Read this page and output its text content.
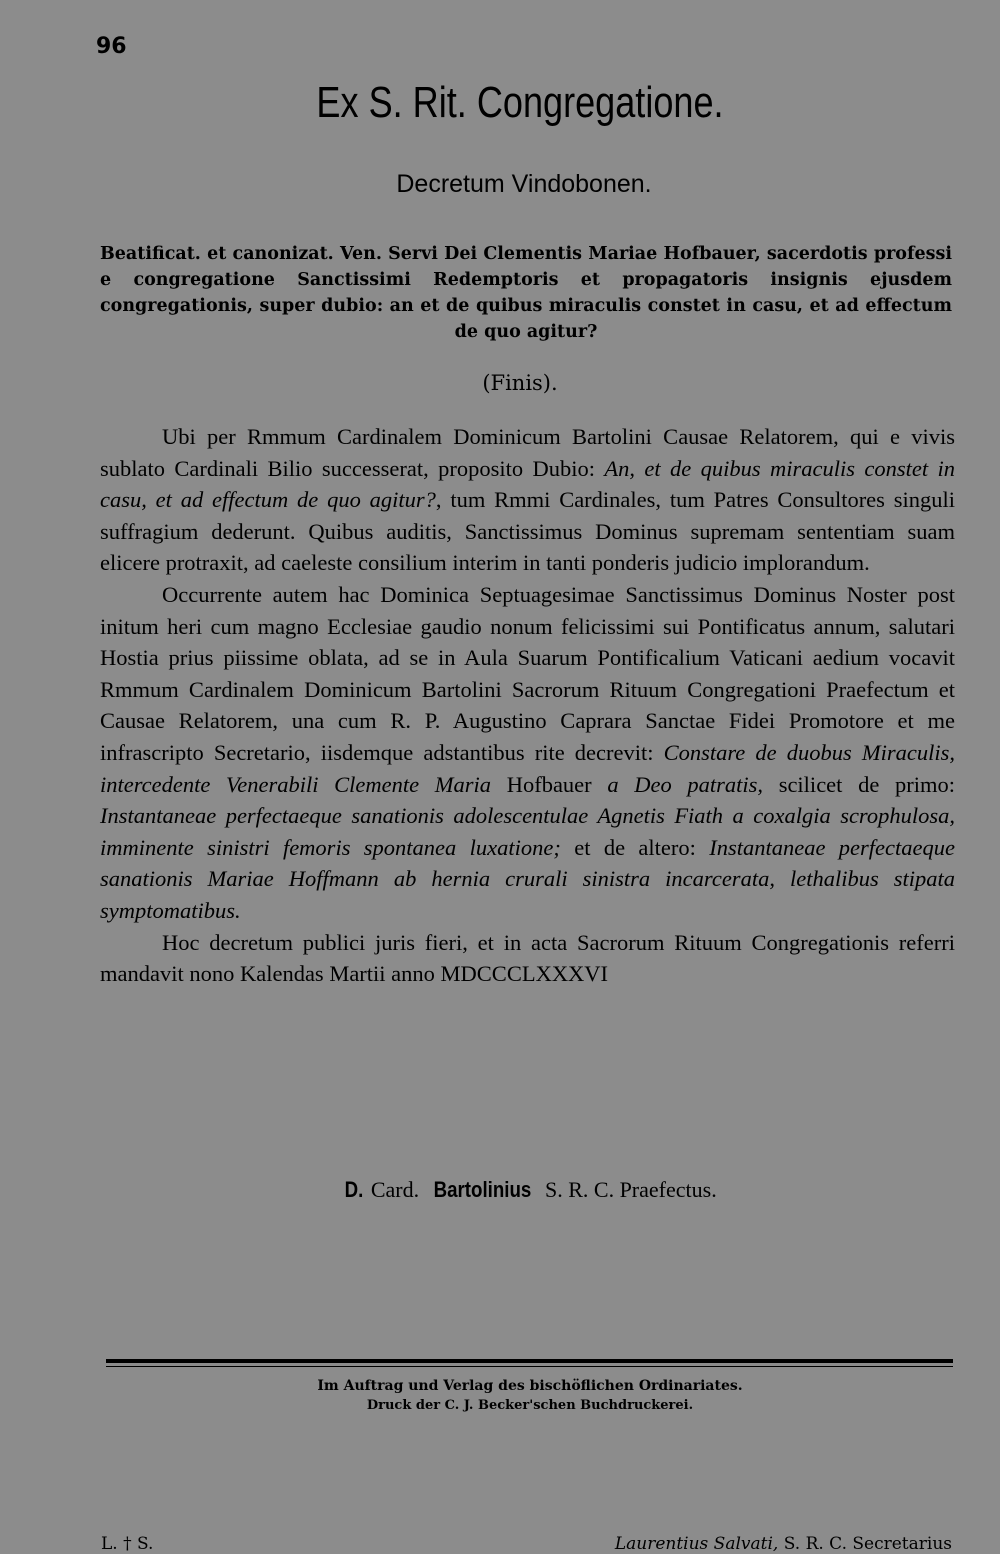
96
Ex S. Rit. Congregatione.
Decretum Vindobonen.
Beatificat. et canonizat. Ven. Servi Dei Clementis Mariae Hofbauer, sacerdotis professi e congregatione Sanctissimi Redemptoris et propagatoris insignis ejusdem congregationis, super dubio: an et de quibus miraculis constet in casu, et ad effectum de quo agitur?
(Finis).

Ubi per Rmmum Cardinalem Dominicum Bartolini Causae Relatorem, qui e vivis sublato Cardinali Bilio successerat, proposito Dubio: An, et de quibus miraculis constet in casu, et ad effectum de quo agitur?, tum Rmmi Cardinales, tum Patres Consultores singuli suffragium dederunt. Quibus auditis, Sanctissimus Dominus supremam sententiam suam elicere protraxit, ad caeleste consilium interim in tanti ponderis judicio implorandum.

Occurrente autem hac Dominica Septuagesimae Sanctissimus Dominus Noster post initum heri cum magno Ecclesiae gaudio nonum felicissimi sui Pontificatus annum, salutari Hostia prius piissime oblata, ad se in Aula Suarum Pontificalium Vaticani aedium vocavit Rmmum Cardinalem Dominicum Bartolini Sacrorum Rituum Congregationi Praefectum et Causae Relatorem, una cum R. P. Augustino Caprara Sanctae Fidei Promotore et me infrascripto Secretario, iisdemque adstantibus rite decrevit: Constare de duobus Miraculis, intercedente Venerabili Clemente Maria Hofbauer a Deo patratis, scilicet de primo: Instantaneae perfectaeque sanationis adolescentulae Agnetis Fiath a coxalgia scrophulosa, imminente sinistri femoris spontanea luxatione; et de altero: Instantaneae perfectaeque sanationis Mariae Hoffmann ab hernia crurali sinistra incarcerata, lethalibus stipata symptomatibus.

Hoc decretum publici juris fieri, et in acta Sacrorum Rituum Congregationis referri mandavit nono Kalendas Martii anno MDCCCLXXXVI

D. Card. Bartolinius S. R. C. Praefectus.
L. † S.	Laurentius Salvati, S. R. C. Secretarius
Im Auftrag und Verlag des bischöflichen Ordinariates.
Druck der C. J. Becker'schen Buchdruckerei.
